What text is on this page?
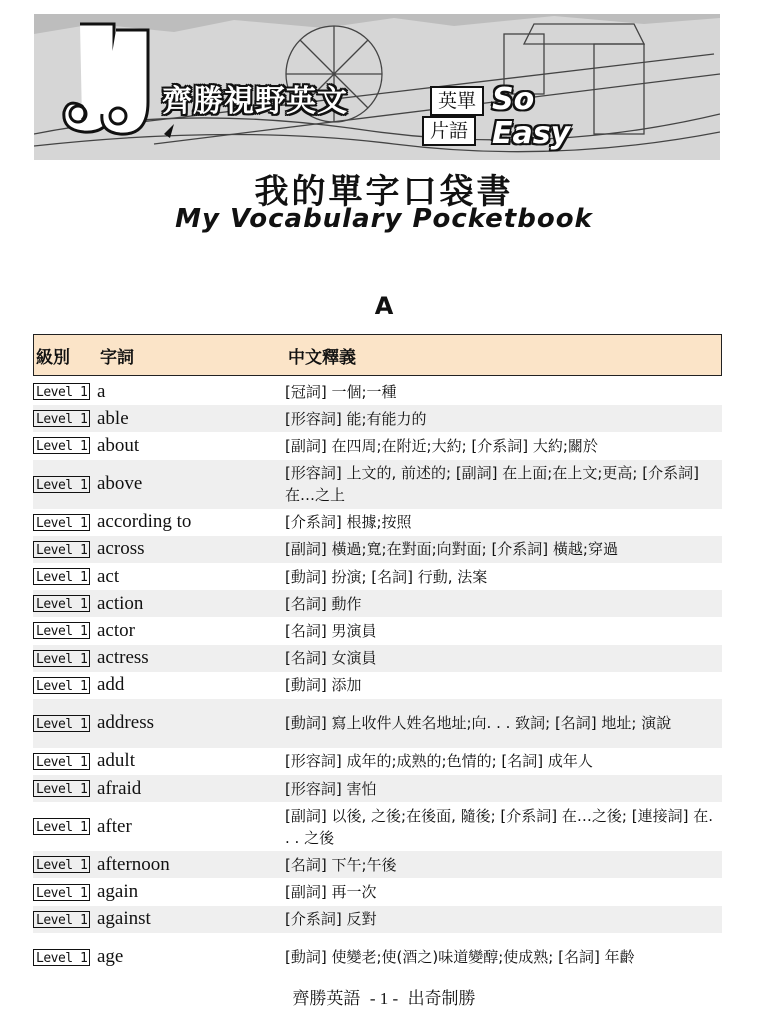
齊勝視野英文	英單
片語
So
Easy
我的單字口袋書
My Vocabulary Pocketbook
A
級別	字詞	中文釋義
Level 1 a	[冠詞] 一個;一種
Level 1 able	[形容詞] 能;有能力的
Level 1 about	[副詞] 在四周;在附近;大約; [介系詞] 大約;關於
Level 1 above	[形容詞] 上文的, 前述的; [副詞] 在上面;在上文;更高; [介系詞] 在…之上
Level 1 according to	[介系詞] 根據;按照
Level 1 across	[副詞] 橫過;寬;在對面;向對面; [介系詞] 橫越;穿過
Level 1 act	[動詞] 扮演; [名詞] 行動, 法案
Level 1 action	[名詞] 動作
Level 1 actor	[名詞] 男演員
Level 1 actress	[名詞] 女演員
Level 1 add	[動詞] 添加
Level 1 address	[動詞] 寫上收件人姓名地址;向. . . 致詞; [名詞] 地址; 演說
Level 1 adult	[形容詞] 成年的;成熟的;色情的; [名詞] 成年人
Level 1 afraid	[形容詞] 害怕
Level 1 after	[副詞] 以後, 之後;在後面, 隨後; [介系詞] 在…之後; [連接詞] 在. . . 之後
Level 1 afternoon	[名詞] 下午;午後
Level 1 again	[副詞] 再一次
Level 1 against	[介系詞] 反對
Level 1 age	[動詞] 使變老;使(酒之)味道變醇;使成熟; [名詞] 年齡
齊勝英語 - 1 - 出奇制勝
